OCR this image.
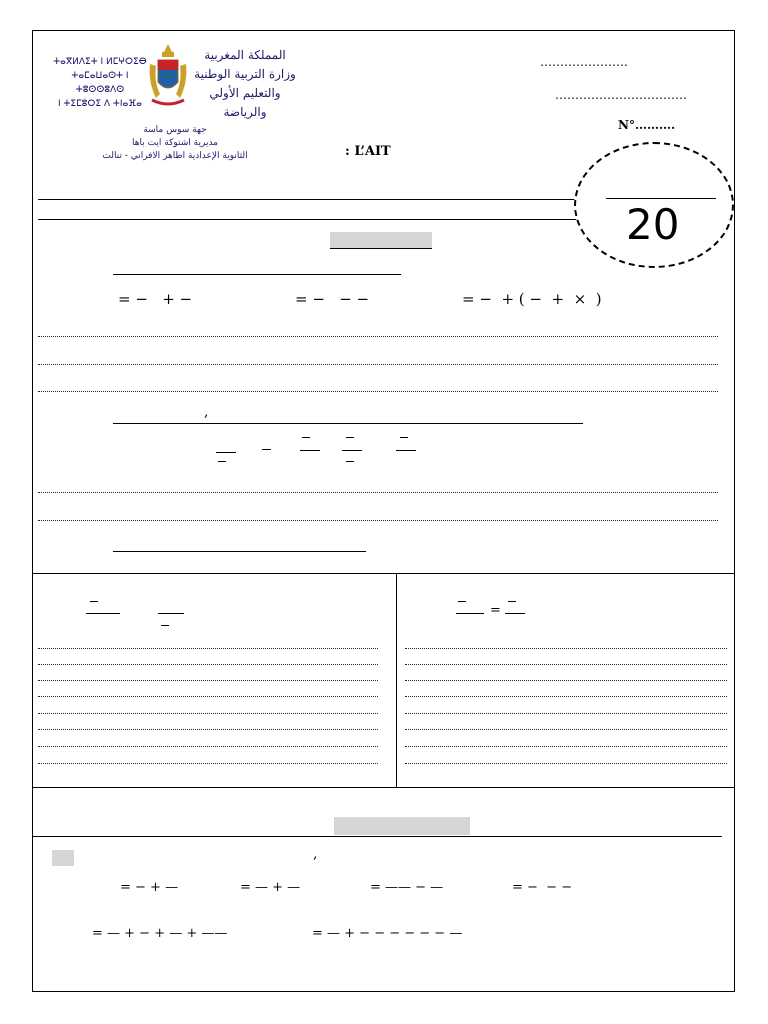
ⵜⴰⴳⵍⴷⵉⵜ ⵏ ⵍⵎⵖⵔⵉⴱ
ⵜⴰⵎⴰⵡⴰⵙⵜ ⵏ ⵜⵓⵙⵙⵓⴷⵙ
ⵏ ⵜⵉⵎⵓⵔⵉ ⴷ ⵜⵏⴰⴼⴰ
المملكة المغربية
وزارة التربية الوطنية
والتعليم الأولي والرياضة
جهة سوس ماسة
مديرية اشتوكة ايت باها
الثانوية الإعدادية اطاهر الافراني - تنالت	: L’AIT
………………….
……………………………
N°……….
20
= −   + −	= −   − −	= −  + ( −  +  ×  )
,
=
,
= − + —	= — + —	= —— − —	= −  − −
= — + − + — + ——	= — + − − − − − − —
